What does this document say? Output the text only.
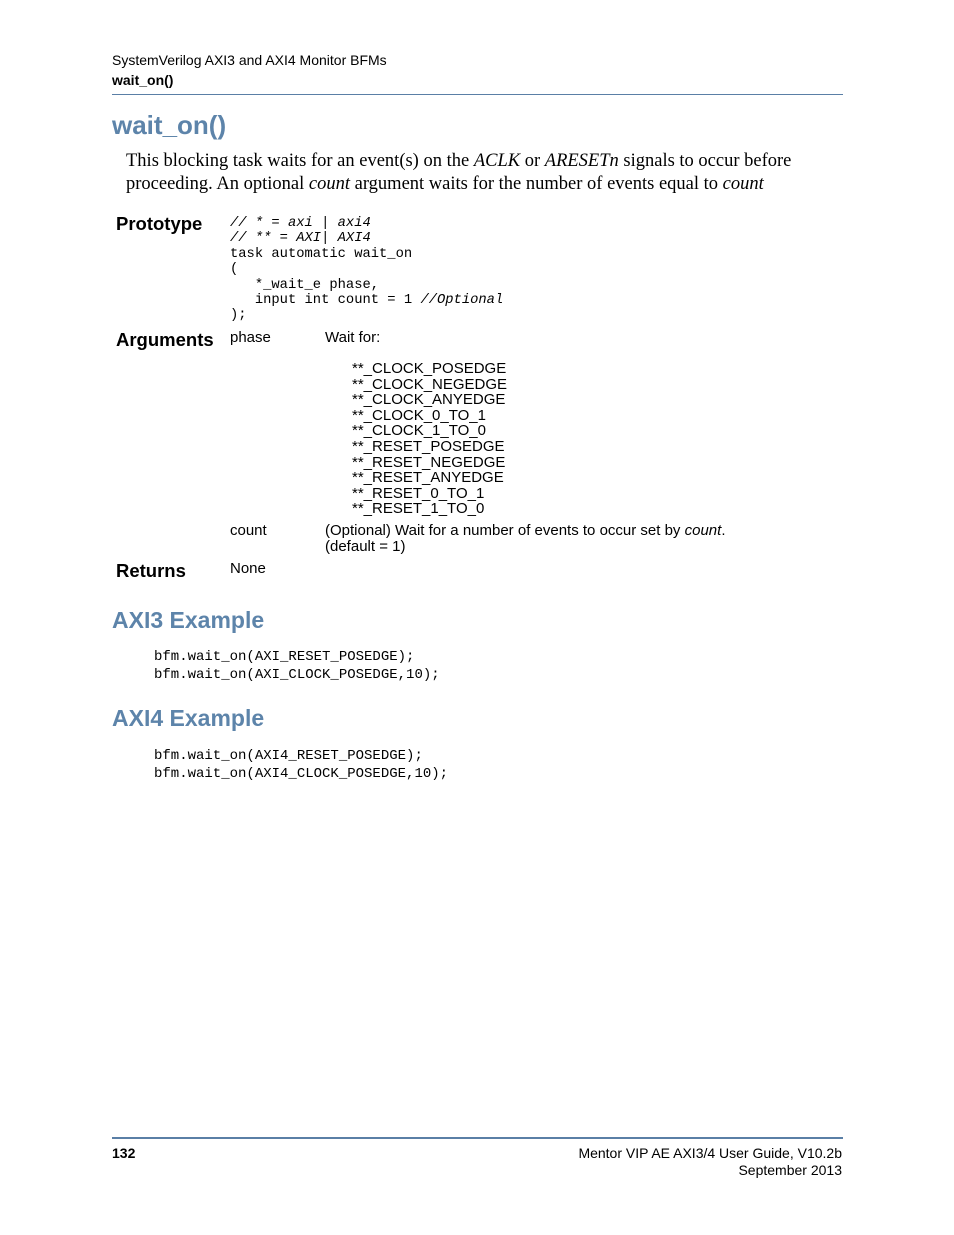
SystemVerilog AXI3 and AXI4 Monitor BFMs
wait_on()
wait_on()
This blocking task waits for an event(s) on the ACLK or ARESETn signals to occur before proceeding. An optional count argument waits for the number of events equal to count
Prototype // * = axi | axi4
// ** = AXI| AXI4
task automatic wait_on
(
*_wait_e phase,
input int count = 1 //Optional
);
Arguments phase	Wait for:
**_CLOCK_POSEDGE
**_CLOCK_NEGEDGE
**_CLOCK_ANYEDGE
**_CLOCK_0_TO_1
**_CLOCK_1_TO_0
**_RESET_POSEDGE
**_RESET_NEGEDGE
**_RESET_ANYEDGE
**_RESET_0_TO_1
**_RESET_1_TO_0
count	(Optional) Wait for a number of events to occur set by count.
(default = 1)
Returns	None
AXI3 Example
bfm.wait_on(AXI_RESET_POSEDGE);
bfm.wait_on(AXI_CLOCK_POSEDGE,10);
AXI4 Example
bfm.wait_on(AXI4_RESET_POSEDGE);
bfm.wait_on(AXI4_CLOCK_POSEDGE,10);
132	Mentor VIP AE AXI3/4 User Guide, V10.2b
September 2013
